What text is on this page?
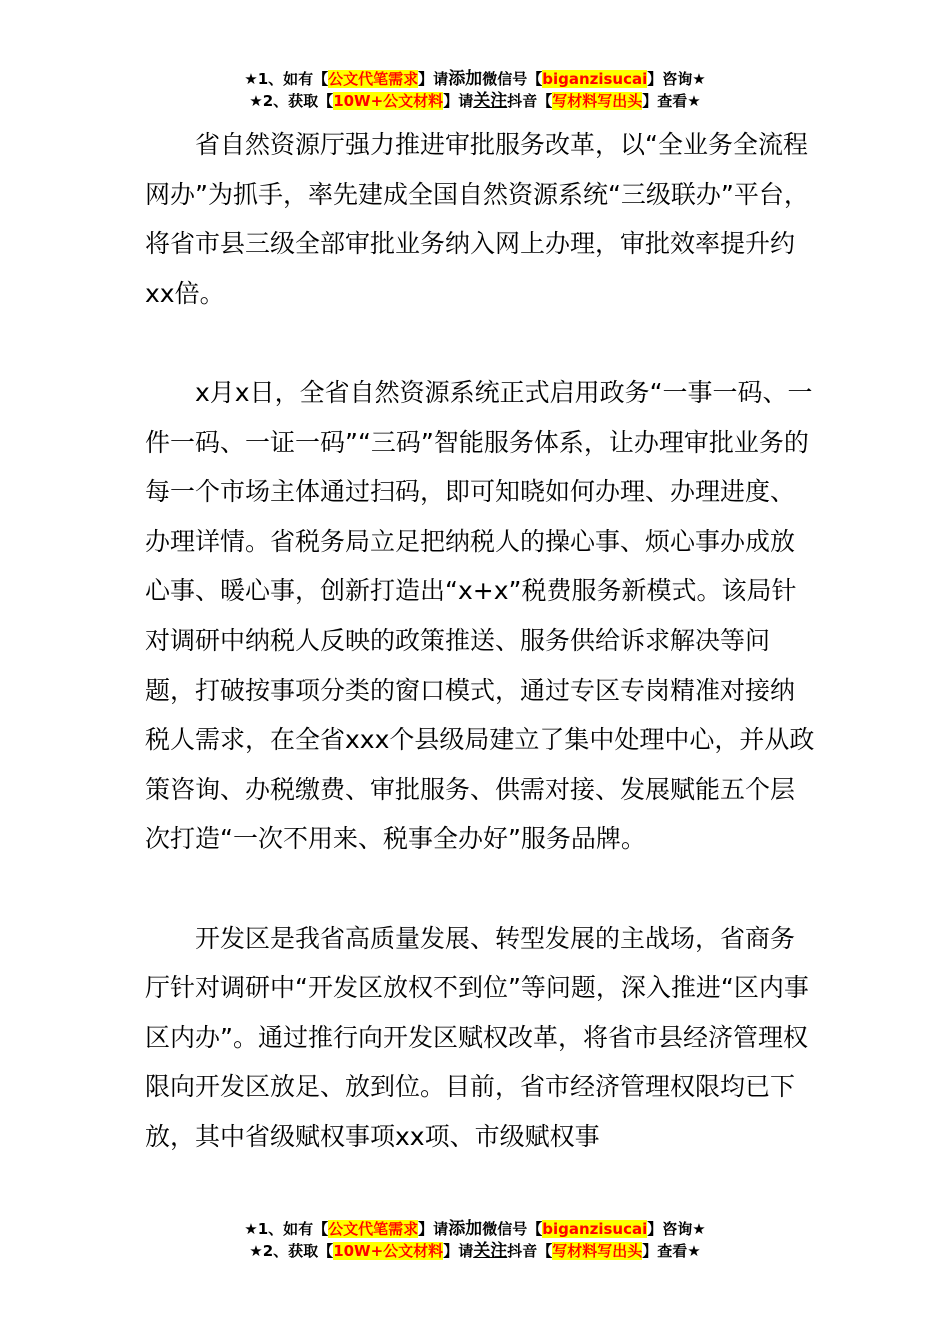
★1、如有【公文代笔需求】请添加微信号【biganzisucai】咨询★
★2、获取【10W+公文材料】请关注抖音【写材料写出头】查看★

省自然资源厅强力推进审批服务改革，以“全业务全流程网办”为抓手，率先建成全国自然资源系统“三级联办”平台，将省市县三级全部审批业务纳入网上办理，审批效率提升约xx倍。

x月x日，全省自然资源系统正式启用政务“一事一码、一件一码、一证一码”“三码”智能服务体系，让办理审批业务的每一个市场主体通过扫码，即可知晓如何办理、办理进度、办理详情。省税务局立足把纳税人的操心事、烦心事办成放心事、暖心事，创新打造出“x+x”税费服务新模式。该局针对调研中纳税人反映的政策推送、服务供给诉求解决等问题，打破按事项分类的窗口模式，通过专区专岗精准对接纳税人需求，在全省xxx个县级局建立了集中处理中心，并从政策咨询、办税缴费、审批服务、供需对接、发展赋能五个层次打造“一次不用来、税事全办好”服务品牌。

开发区是我省高质量发展、转型发展的主战场，省商务厅针对调研中“开发区放权不到位”等问题，深入推进“区内事区内办”。通过推行向开发区赋权改革，将省市县经济管理权限向开发区放足、放到位。目前，省市经济管理权限均已下放，其中省级赋权事项xx项、市级赋权事

★1、如有【公文代笔需求】请添加微信号【biganzisucai】咨询★
★2、获取【10W+公文材料】请关注抖音【写材料写出头】查看★
